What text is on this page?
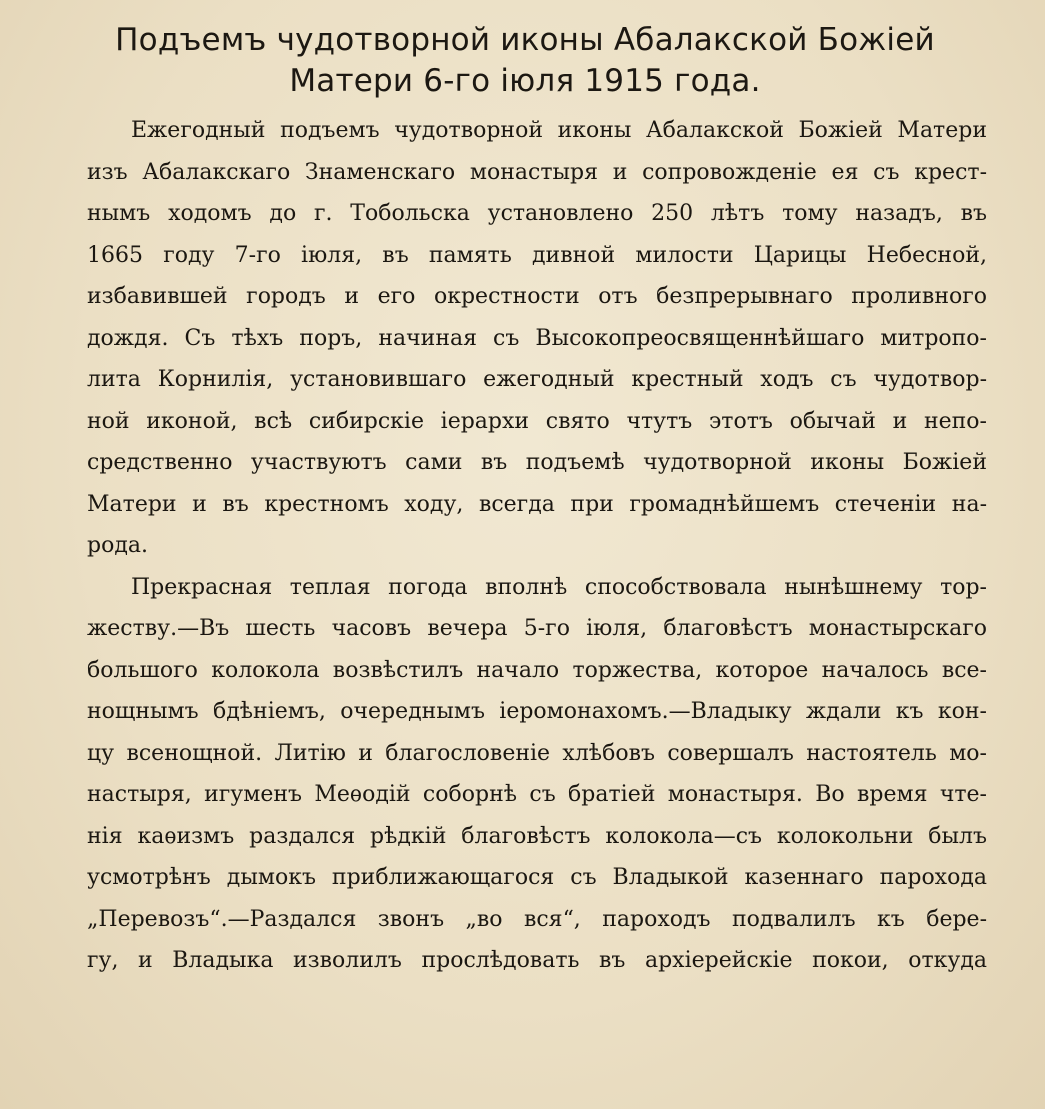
Подъемъ чудотворной иконы Абалакской Божіей
Матери 6-го іюля 1915 года.
Ежегодный подъемъ чудотворной иконы Абалакской Божіей Матери
изъ Абалакскаго Знаменскаго монастыря и сопровожденіе ея съ крест-
нымъ ходомъ до г. Тобольска установлено 250 лѣтъ тому назадъ, въ
1665 году 7-го іюля, въ память дивной милости Царицы Небесной,
избавившей городъ и его окрестности отъ безпрерывнаго проливного
дождя. Съ тѣхъ поръ, начиная съ Высокопреосвященнѣйшаго митропо-
лита Корнилія, установившаго ежегодный крестный ходъ съ чудотвор-
ной иконой, всѣ сибирскіе іерархи свято чтутъ этотъ обычай и непо-
средственно участвуютъ сами въ подъемѣ чудотворной иконы Божіей
Матери и въ крестномъ ходу, всегда при громаднѣйшемъ стеченіи на-
рода.
Прекрасная теплая погода вполнѣ способствовала нынѣшнему тор-
жеству.—Въ шесть часовъ вечера 5-го іюля, благовѣстъ монастырскаго
большого колокола возвѣстилъ начало торжества, которое началось все-
нощнымъ бдѣніемъ, очереднымъ іеромонахомъ.—Владыку ждали къ кон-
цу всенощной. Литію и благословеніе хлѣбовъ совершалъ настоятель мо-
настыря, игуменъ Меѳодій соборнѣ съ братіей монастыря. Во время чте-
нія каѳизмъ раздался рѣдкій благовѣстъ колокола—съ колокольни былъ
усмотрѣнъ дымокъ приближающагося съ Владыкой казеннаго парохода
„Перевозъ“.—Раздался звонъ „во вся“, пароходъ подвалилъ къ бере-
гу, и Владыка изволилъ прослѣдовать въ архіерейскіе покои, откуда
